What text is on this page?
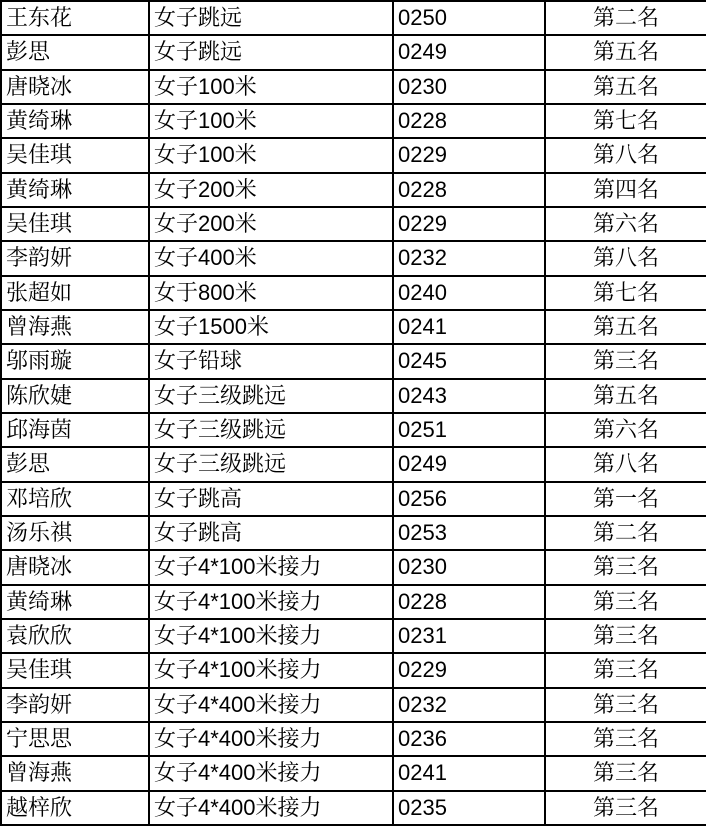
王东花	女子跳远	0250	第二名
彭思	女子跳远	0249	第五名
唐晓冰	女子100米	0230	第五名
黄绮琳	女子100米	0228	第七名
吴佳琪	女子100米	0229	第八名
黄绮琳	女子200米	0228	第四名
吴佳琪	女子200米	0229	第六名
李韵妍	女子400米	0232	第八名
张超如	女于800米	0240	第七名
曾海燕	女子1500米	0241	第五名
邬雨璇	女子铅球	0245	第三名
陈欣婕	女子三级跳远	0243	第五名
邱海茵	女子三级跳远	0251	第六名
彭思	女子三级跳远	0249	第八名
邓培欣	女子跳高	0256	第一名
汤乐祺	女子跳高	0253	第二名
唐晓冰	女子4*100米接力	0230	第三名
黄绮琳	女子4*100米接力	0228	第三名
袁欣欣	女子4*100米接力	0231	第三名
吴佳琪	女子4*100米接力	0229	第三名
李韵妍	女子4*400米接力	0232	第三名
宁思思	女子4*400米接力	0236	第三名
曾海燕	女子4*400米接力	0241	第三名
越梓欣	女子4*400米接力	0235	第三名
